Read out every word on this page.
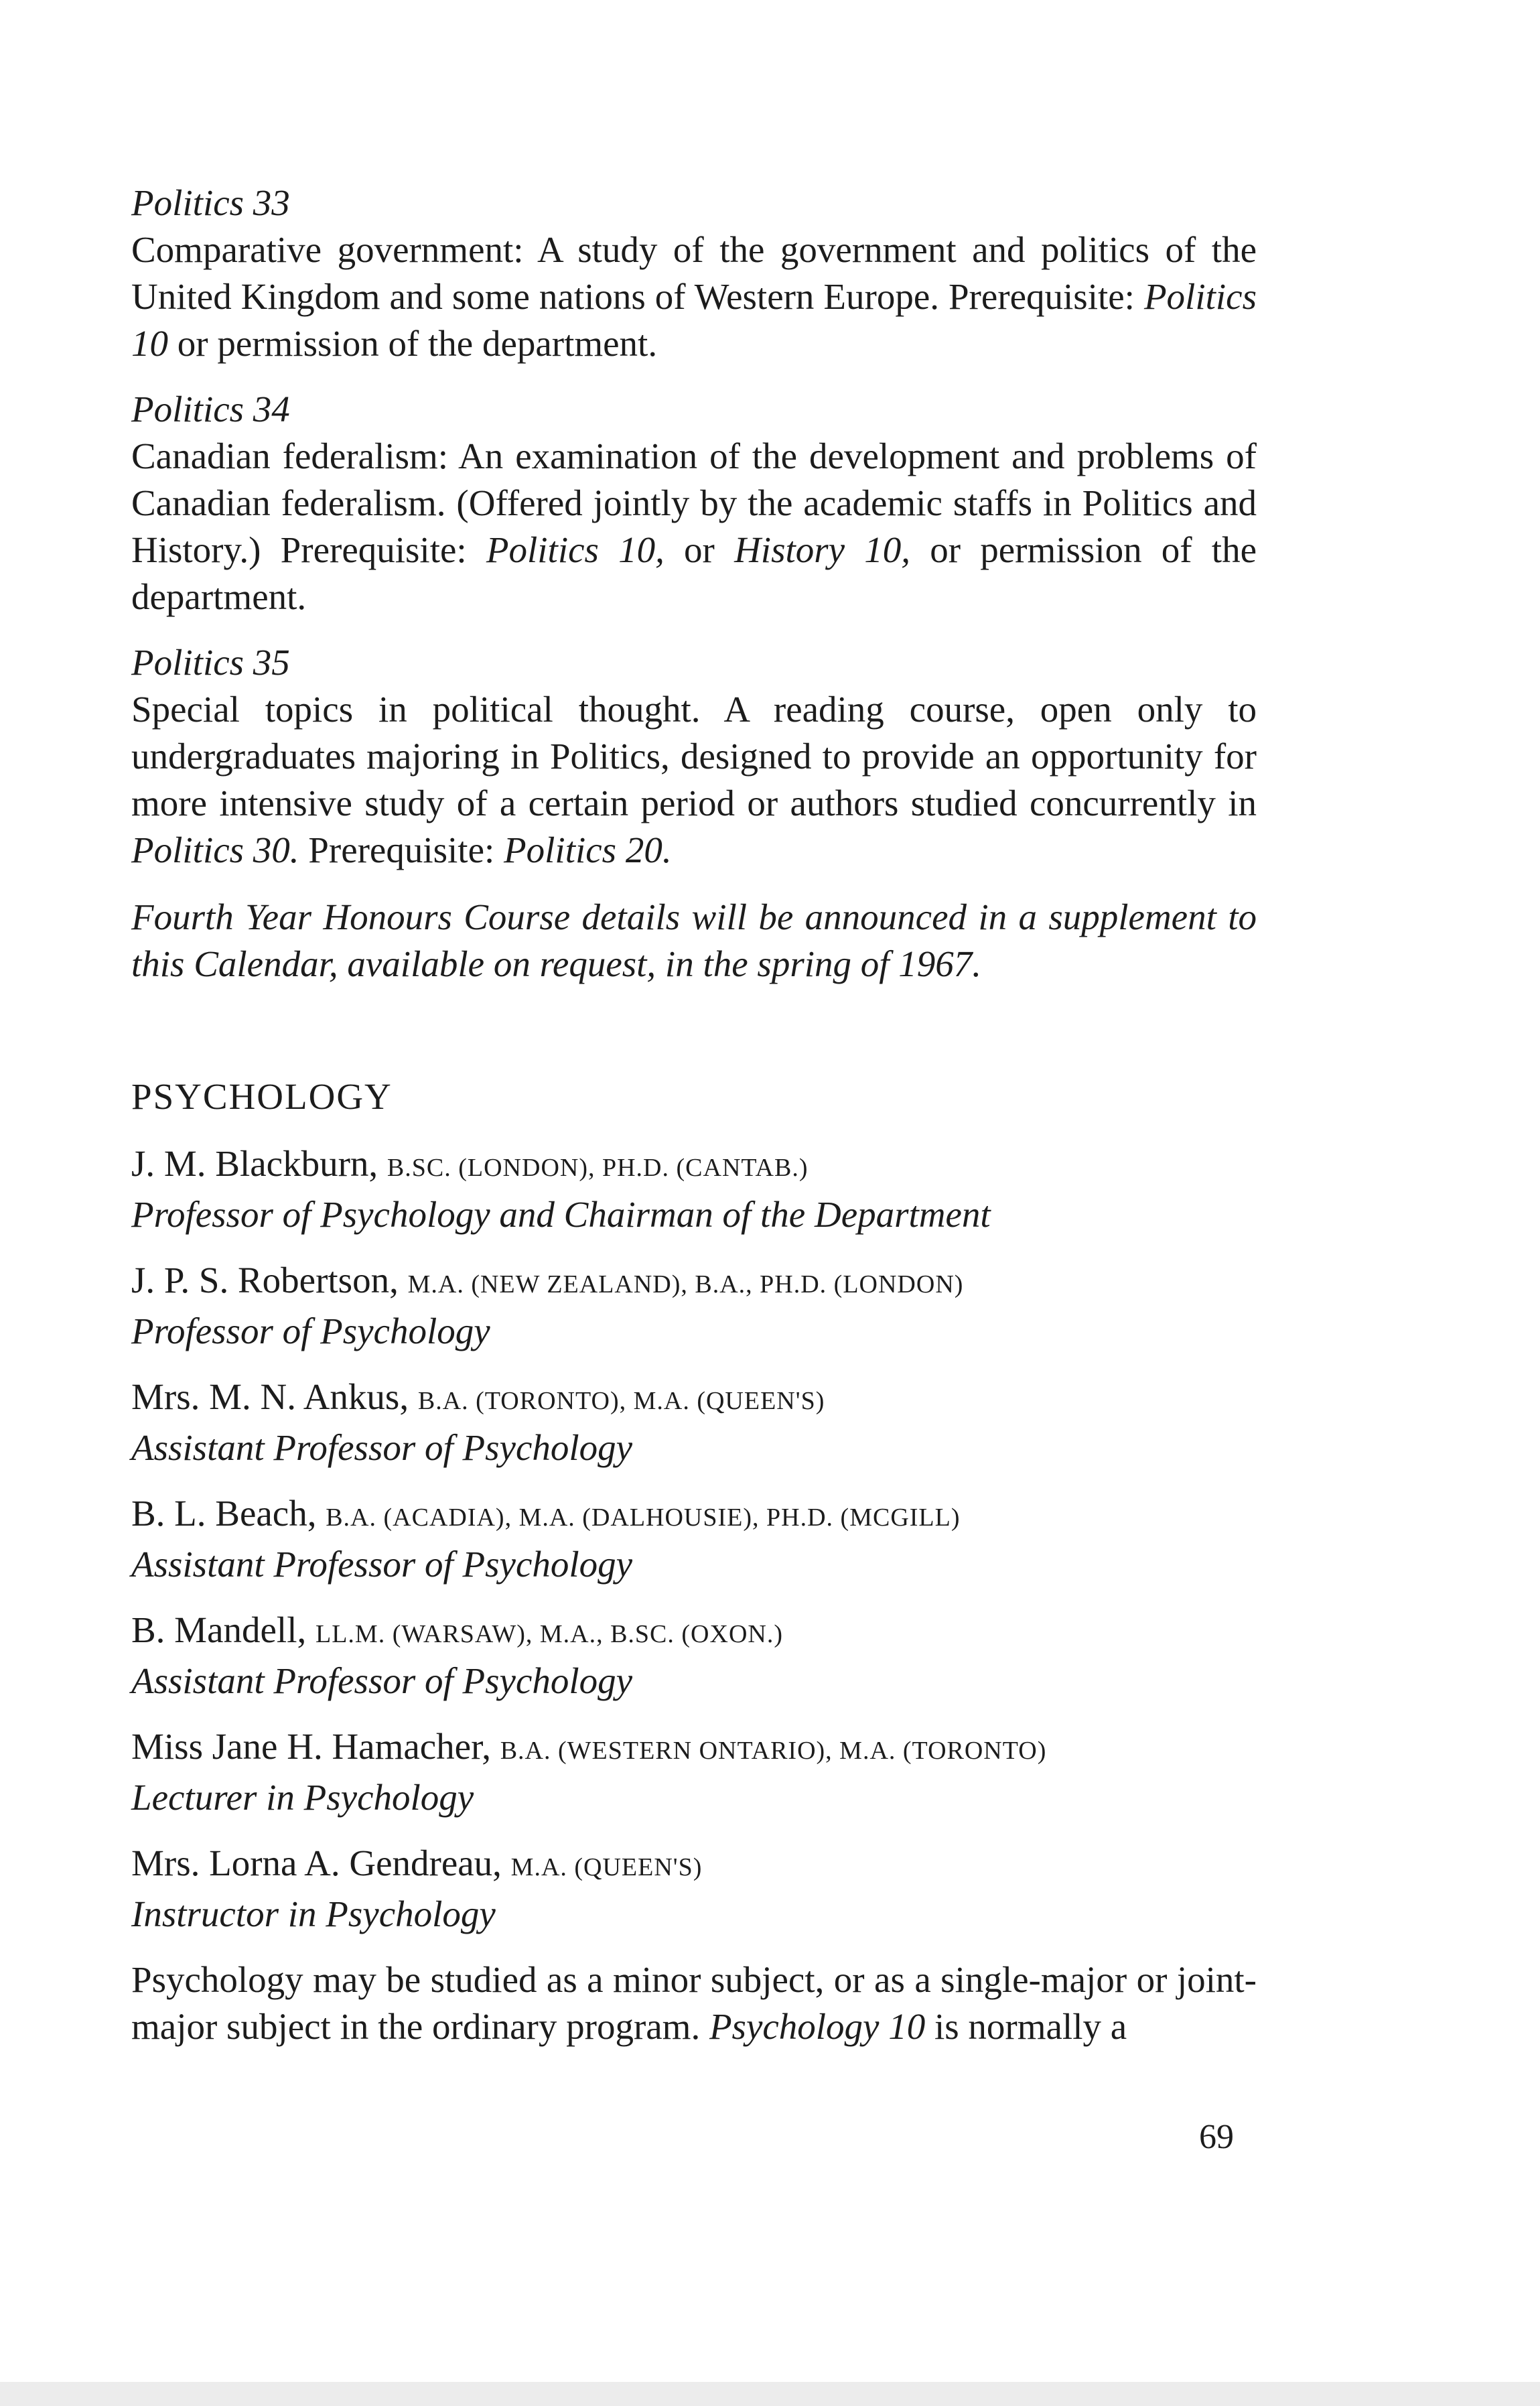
Politics 33
Comparative government: A study of the government and politics of the United Kingdom and some nations of Western Europe. Prerequisite: Politics 10 or permission of the department.
Politics 34
Canadian federalism: An examination of the development and problems of Canadian federalism. (Offered jointly by the academic staffs in Politics and History.) Prerequisite: Politics 10, or History 10, or permission of the department.
Politics 35
Special topics in political thought. A reading course, open only to undergraduates majoring in Politics, designed to provide an opportunity for more intensive study of a certain period or authors studied concurrently in Politics 30. Prerequisite: Politics 20.
Fourth Year Honours Course details will be announced in a supplement to this Calendar, available on request, in the spring of 1967.
PSYCHOLOGY
J. M. Blackburn, B.SC. (LONDON), PH.D. (CANTAB.)
Professor of Psychology and Chairman of the Department
J. P. S. Robertson, M.A. (NEW ZEALAND), B.A., PH.D. (LONDON)
Professor of Psychology
Mrs. M. N. Ankus, B.A. (TORONTO), M.A. (QUEEN'S)
Assistant Professor of Psychology
B. L. Beach, B.A. (ACADIA), M.A. (DALHOUSIE), PH.D. (MCGILL)
Assistant Professor of Psychology
B. Mandell, LL.M. (WARSAW), M.A., B.SC. (OXON.)
Assistant Professor of Psychology
Miss Jane H. Hamacher, B.A. (WESTERN ONTARIO), M.A. (TORONTO)
Lecturer in Psychology
Mrs. Lorna A. Gendreau, M.A. (QUEEN'S)
Instructor in Psychology
Psychology may be studied as a minor subject, or as a single-major or joint-major subject in the ordinary program. Psychology 10 is normally a
69
